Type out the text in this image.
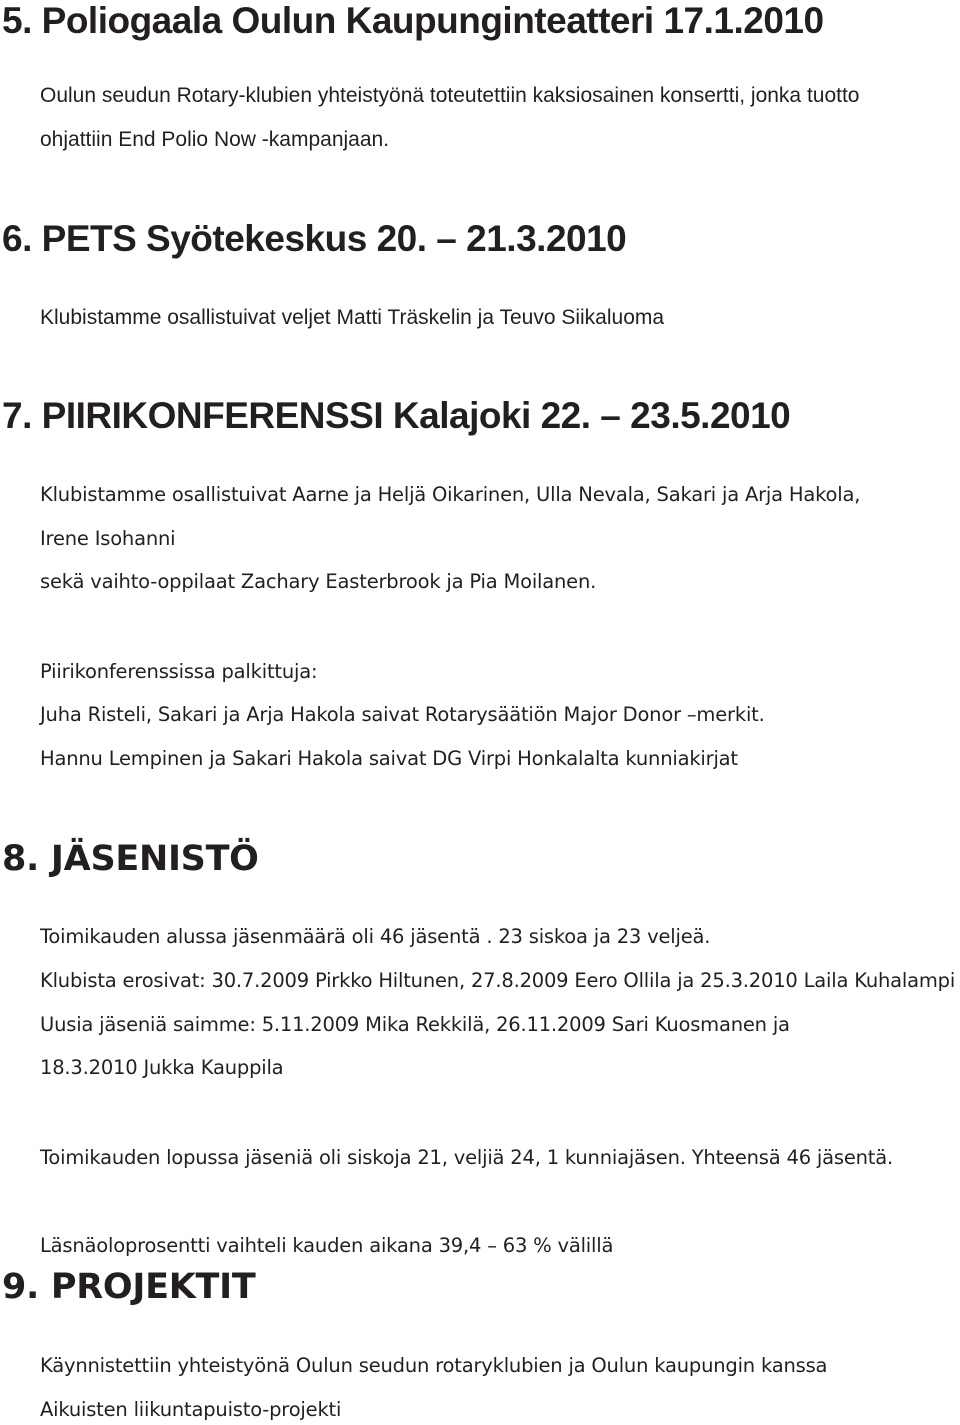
5. Poliogaala Oulun Kaupunginteatteri 17.1.2010

Oulun seudun Rotary-klubien yhteistyönä toteutettiin kaksiosainen konsertti, jonka tuotto

ohjattiin End Polio Now -kampanjaan.

6. PETS Syötekeskus 20. – 21.3.2010

Klubistamme osallistuivat veljet Matti Träskelin ja Teuvo Siikaluoma

7. PIIRIKONFERENSSI Kalajoki 22. – 23.5.2010

Klubistamme osallistuivat Aarne ja Heljä Oikarinen, Ulla Nevala, Sakari ja Arja Hakola,

Irene Isohanni

sekä vaihto-oppilaat Zachary Easterbrook ja Pia Moilanen.

Piirikonferenssissa palkittuja:

Juha Risteli, Sakari ja Arja Hakola saivat Rotarysäätiön Major Donor –merkit.

Hannu Lempinen ja Sakari Hakola saivat DG Virpi Honkalalta kunniakirjat

8. JÄSENISTÖ

Toimikauden alussa jäsenmäärä oli 46 jäsentä . 23 siskoa ja 23 veljeä.

Klubista erosivat: 30.7.2009 Pirkko Hiltunen, 27.8.2009 Eero Ollila ja 25.3.2010 Laila Kuhalampi

Uusia jäseniä saimme: 5.11.2009 Mika Rekkilä, 26.11.2009 Sari Kuosmanen ja

18.3.2010 Jukka Kauppila

Toimikauden lopussa jäseniä oli siskoja 21, veljiä 24, 1 kunniajäsen. Yhteensä 46 jäsentä.

Läsnäoloprosentti vaihteli kauden aikana 39,4 – 63 % välillä

9. PROJEKTIT

Käynnistettiin yhteistyönä Oulun seudun rotaryklubien ja Oulun kaupungin kanssa

Aikuisten liikuntapuisto-projekti
